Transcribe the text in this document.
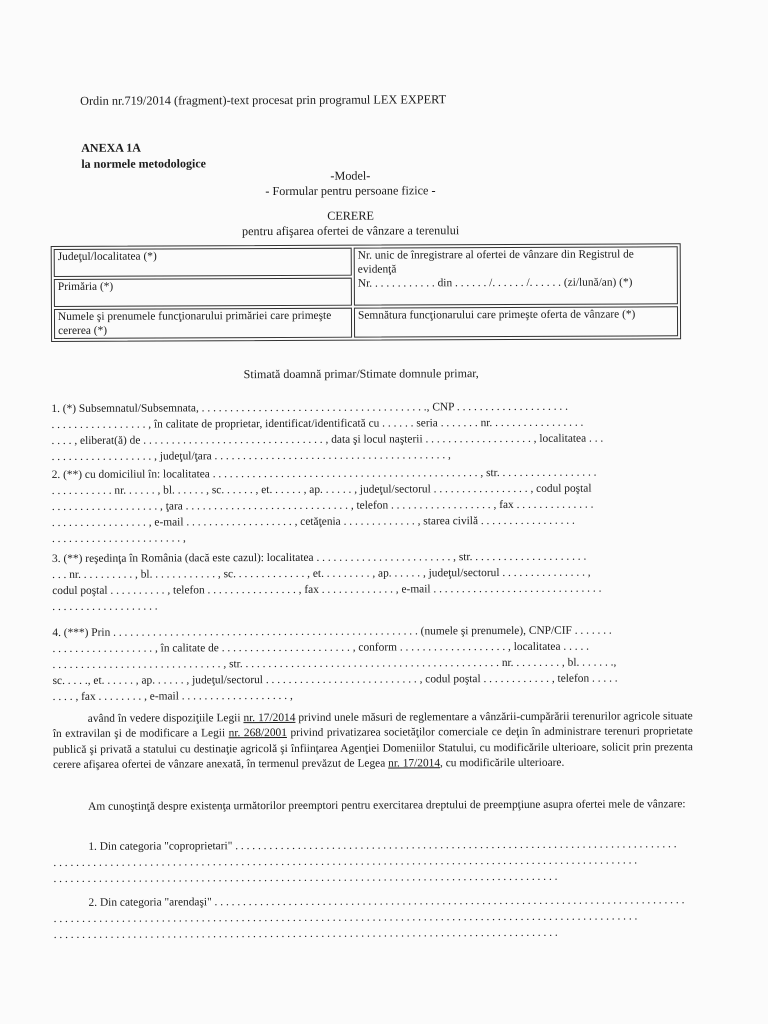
Ordin nr.719/2014 (fragment)-text procesat prin programul LEX EXPERT
ANEXA 1A
la normele metodologice
-Model-
- Formular pentru persoane fizice -
CERERE
pentru afişarea ofertei de vânzare a terenului
Judeţul/localitatea (*)	Nr. unic de înregistrare al ofertei de vânzare din Registrul de evidenţă
Nr. . . . . . . . . . . . din . . . . . . /. . . . . . /. . . . . . (zi/lună/an) (*)

Primăria (*)	
Numele şi prenumele funcţionarului primăriei care primeşte cererea (*)	Semnătura funcţionarului care primeşte oferta de vânzare (*)
Stimată doamnă primar/Stimate domnule primar,
1. (*) Subsemnatul/Subsemnata, . . . . . . . . . . . . . . . . . . . . . . . . . . . . . . . . . . . . . . . ., CNP . . . . . . . . . . . . . . . . . . . .
. . . . . . . . . . . . . . . . . , în calitate de proprietar, identificat/identificată cu . . . . . . seria . . . . . . . nr. . . . . . . . . . . . . . . . .
. . . . , eliberat(ă) de . . . . . . . . . . . . . . . . . . . . . . . . . . . . . . . . , data şi locul naşterii . . . . . . . . . . . . . . . . . . . , localitatea . . .
. . . . . . . . . . . . . . . . . . , judeţul/ţara . . . . . . . . . . . . . . . . . . . . . . . . . . . . . . . . . . . . . . . . . ,
2. (**) cu domiciliul în: localitatea . . . . . . . . . . . . . . . . . . . . . . . . . . . . . . . . . . . . . . . . . . . . . . . , str. . . . . . . . . . . . . . . . . .
. . . . . . . . . . . nr. . . . . . , bl. . . . . . , sc. . . . . . , et. . . . . . , ap. . . . . . , judeţul/sectorul . . . . . . . . . . . . . . . . . , codul poştal
. . . . . . . . . . . . . . . . . . . , ţara . . . . . . . . . . . . . . . . . . . . . . . . . . . . . , telefon . . . . . . . . . . . . . . . . . . , fax . . . . . . . . . . . . . .
. . . . . . . . . . . . . . . . . , e-mail . . . . . . . . . . . . . . . . . . . , cetăţenia . . . . . . . . . . . . . , starea civilă . . . . . . . . . . . . . . . . .
. . . . . . . . . . . . . . . . . . . . . . . ,
3. (**) reşedinţa în România (dacă este cazul): localitatea . . . . . . . . . . . . . . . . . . . . . . . . , str. . . . . . . . . . . . . . . . . . . . .
. . . nr. . . . . . . . . . , bl. . . . . . . . . . . . , sc. . . . . . . . . . . . . , et. . . . . . . . . , ap. . . . . . , judeţul/sectorul . . . . . . . . . . . . . . . ,
codul poştal . . . . . . . . . . , telefon . . . . . . . . . . . . . . . . , fax . . . . . . . . . . . . . , e-mail . . . . . . . . . . . . . . . . . . . . . . . . . . . . . .
. . . . . . . . . . . . . . . . . . .
4. (***) Prin . . . . . . . . . . . . . . . . . . . . . . . . . . . . . . . . . . . . . . . . . . . . . . . . . . . . . . (numele şi prenumele), CNP/CIF . . . . . . .
. . . . . . . . . . . . . . . . . . , în calitate de . . . . . . . . . . . . . . . . . . . . . . . , conform . . . . . . . . . . . . . . . . . . . , localitatea . . . . .
. . . . . . . . . . . . . . . . . . . . . . . . . . . . . . , str. . . . . . . . . . . . . . . . . . . . . . . . . . . . . . . . . . . . . . . . . . . . . . nr. . . . . . . . . , bl. . . . . . .,
sc. . . . ., et. . . . . . , ap. . . . . . , judeţul/sectorul . . . . . . . . . . . . . . . . . . . . . . . . . . . , codul poştal . . . . . . . . . . . . , telefon . . . . .
. . . . , fax . . . . . . . . , e-mail . . . . . . . . . . . . . . . . . . . ,
având în vedere dispoziţiile Legii nr. 17/2014 privind unele măsuri de reglementare a vânzării-cumpărării terenurilor agricole situate în extravilan şi de modificare a Legii nr. 268/2001 privind privatizarea societăţilor comerciale ce deţin în administrare terenuri proprietate publică şi privată a statului cu destinaţie agricolă şi înfiinţarea Agenţiei Domeniilor Statului, cu modificările ulterioare, solicit prin prezenta cerere afişarea ofertei de vânzare anexată, în termenul prevăzut de Legea nr. 17/2014, cu modificările ulterioare.
Am cunoştinţă despre existenţa următorilor preemptori pentru exercitarea dreptului de preempţiune asupra ofertei mele de vânzare:
1. Din categoria "coproprietari" . . . . . . . . . . . . . . . . . . . . . . . . . . . . . . . . . . . . . . . . . . . . . . . . . . . . . . . . . . . . . . . . . . . . . . . . . . . . . .
. . . . . . . . . . . . . . . . . . . . . . . . . . . . . . . . . . . . . . . . . . . . . . . . . . . . . . . . . . . . . . . . . . . . . . . . . . . . . . . . . . . . . . . . . . . . . . . . . . . . . . .
. . . . . . . . . . . . . . . . . . . . . . . . . . . . . . . . . . . . . . . . . . . . . . . . . . . . . . . . . . . . . . . . . . . . . . . . . . . . . . . . . . . . . . . . .
2. Din categoria "arendaşi" . . . . . . . . . . . . . . . . . . . . . . . . . . . . . . . . . . . . . . . . . . . . . . . . . . . . . . . . . . . . . . . . . . . . . . . . . . . . . . . . . . .
. . . . . . . . . . . . . . . . . . . . . . . . . . . . . . . . . . . . . . . . . . . . . . . . . . . . . . . . . . . . . . . . . . . . . . . . . . . . . . . . . . . . . . . . . . . . . . . . . . . . . . .
. . . . . . . . . . . . . . . . . . . . . . . . . . . . . . . . . . . . . . . . . . . . . . . . . . . . . . . . . . . . . . . . . . . . . . . . . . . . . . . . . . . . . . . . .
